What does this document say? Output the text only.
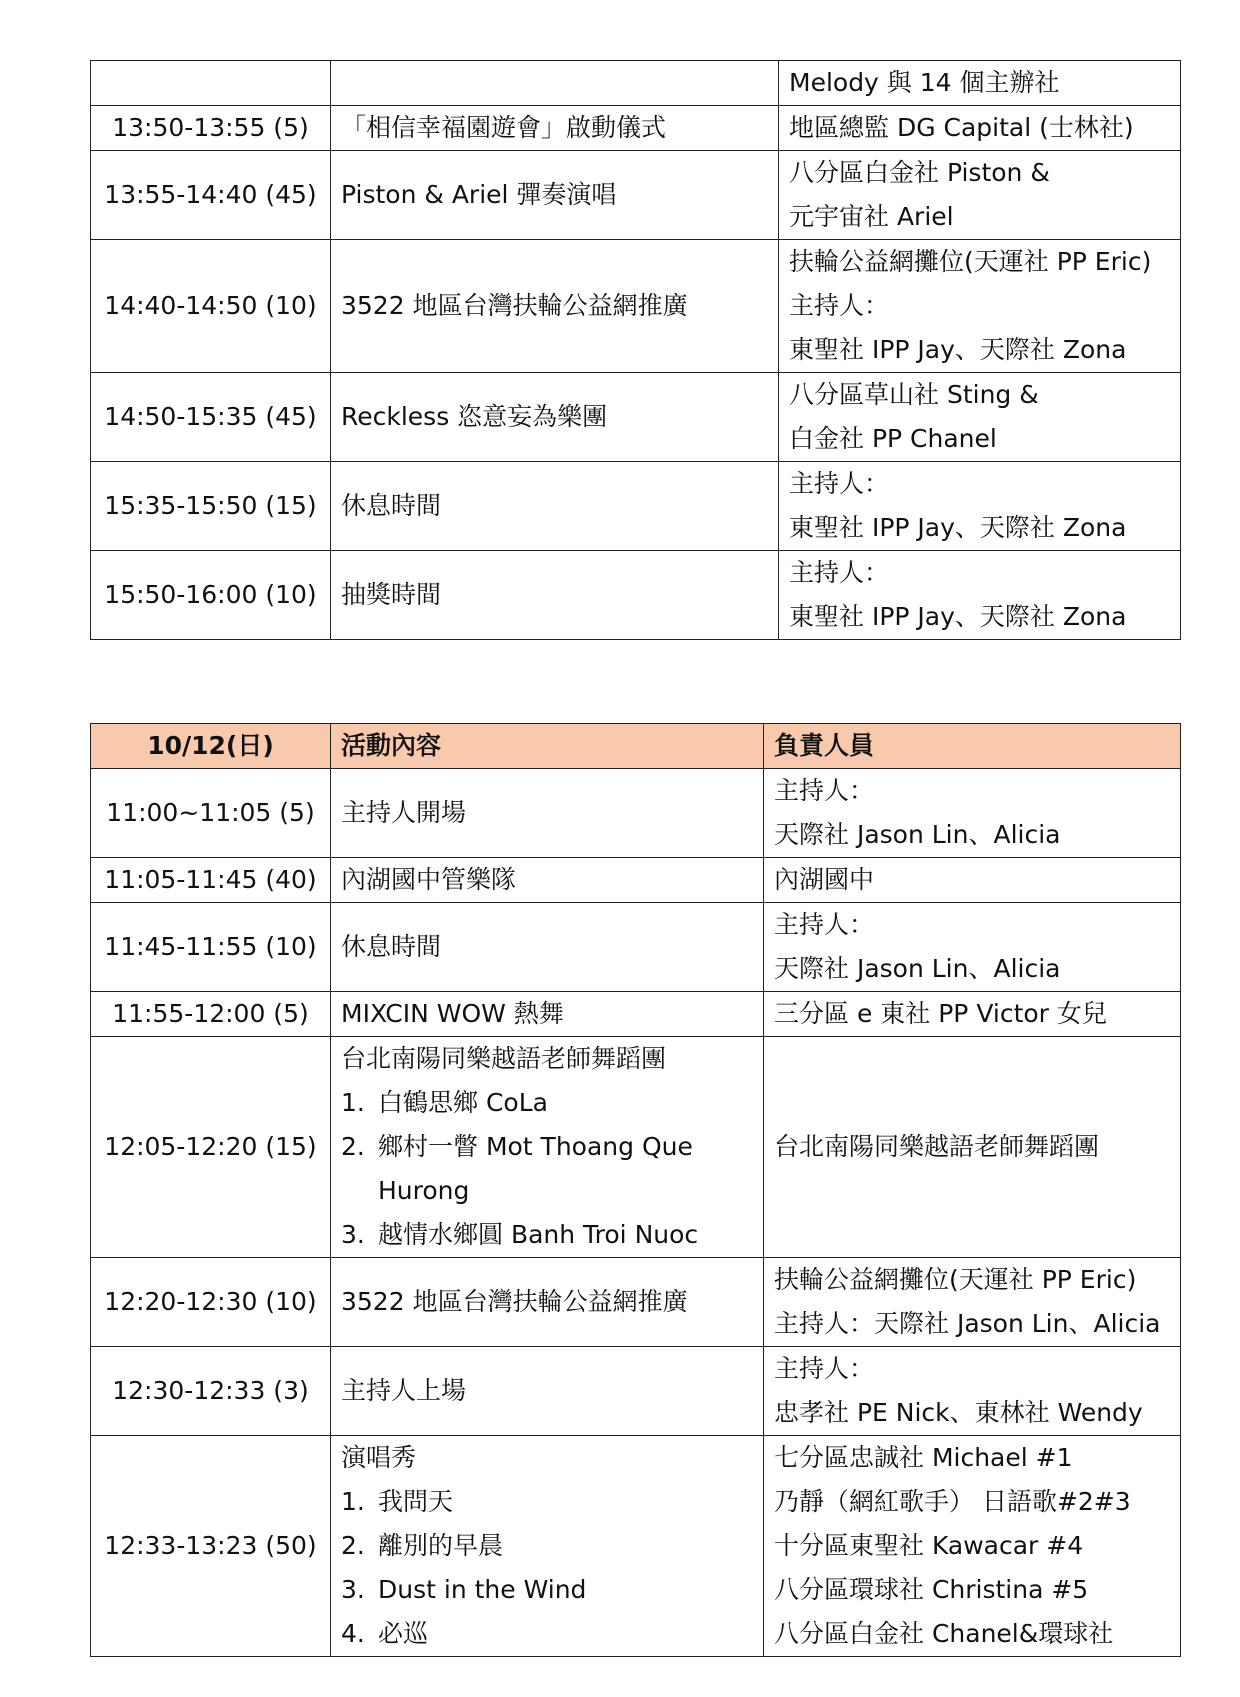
		Melody 與 14 個主辦社

13:50-13:55 (5)	「相信幸福園遊會」啟動儀式	地區總監 DG Capital (士林社)

13:55-14:40 (45)	Piston & Ariel 彈奏演唱	八分區白金社 Piston &
元宇宙社 Ariel

14:40-14:50 (10)	3522 地區台灣扶輪公益網推廣	扶輪公益網攤位(天運社 PP Eric)
主持人：
東聖社 IPP Jay、天際社 Zona

14:50-15:35 (45)	Reckless 恣意妄為樂團	八分區草山社 Sting &
白金社 PP Chanel

15:35-15:50 (15)	休息時間	主持人：
東聖社 IPP Jay、天際社 Zona

15:50-16:00 (10)	抽獎時間	主持人：
東聖社 IPP Jay、天際社 Zona
10/12(日)	活動內容	負責人員
11:00~11:05 (5)	主持人開場	主持人：
天際社 Jason Lin、Alicia

11:05-11:45 (40)	內湖國中管樂隊	內湖國中

11:45-11:55 (10)	休息時間	主持人：
天際社 Jason Lin、Alicia

11:55-12:00 (5)	MIXCIN WOW 熱舞	三分區 e 東社 PP Victor 女兒

12:05-12:20 (15)	台北南陽同樂越語老師舞蹈團
1. 白鶴思鄉 CoLa
2. 鄉村一瞥 Mot Thoang Que
Hurong
3. 越情水鄉圓 Banh Troi Nuoc	台北南陽同樂越語老師舞蹈團
12:20-12:30 (10)	3522 地區台灣扶輪公益網推廣	扶輪公益網攤位(天運社 PP Eric)
主持人：天際社 Jason Lin、Alicia

12:30-12:33 (3)	主持人上場	主持人：
忠孝社 PE Nick、東林社 Wendy

12:33-13:23 (50)	演唱秀
1. 我問天
2. 離別的早晨
3. Dust in the Wind
4. 必巡	七分區忠誠社 Michael #1
乃靜（網紅歌手） 日語歌#2#3
十分區東聖社 Kawacar #4
八分區環球社 Christina #5
八分區白金社 Chanel&環球社
